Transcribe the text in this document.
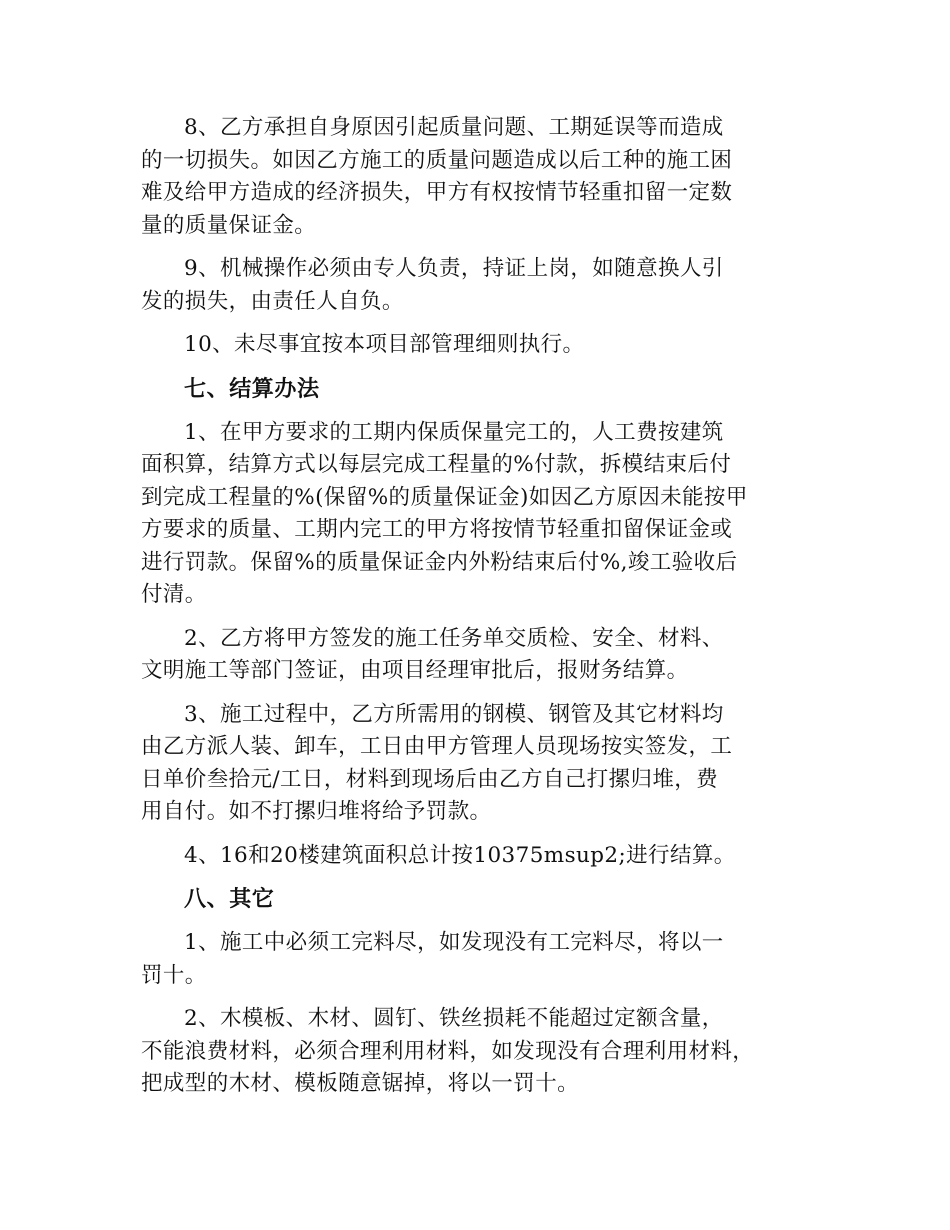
8、乙方承担自身原因引起质量问题、工期延误等而造成
的一切损失。如因乙方施工的质量问题造成以后工种的施工困
难及给甲方造成的经济损失，甲方有权按情节轻重扣留一定数
量的质量保证金。

9、机械操作必须由专人负责，持证上岗，如随意换人引
发的损失，由责任人自负。

10、未尽事宜按本项目部管理细则执行。

七、结算办法

1、在甲方要求的工期内保质保量完工的，人工费按建筑
面积算，结算方式以每层完成工程量的%付款，拆模结束后付
到完成工程量的%(保留%的质量保证金)如因乙方原因未能按甲
方要求的质量、工期内完工的甲方将按情节轻重扣留保证金或
进行罚款。保留%的质量保证金内外粉结束后付%,竣工验收后
付清。

2、乙方将甲方签发的施工任务单交质检、安全、材料、
文明施工等部门签证，由项目经理审批后，报财务结算。

3、施工过程中，乙方所需用的钢模、钢管及其它材料均
由乙方派人装、卸车，工日由甲方管理人员现场按实签发，工
日单价叁拾元/工日，材料到现场后由乙方自己打摞归堆，费
用自付。如不打摞归堆将给予罚款。

4、16和20楼建筑面积总计按10375msup2;进行结算。

八、其它

1、施工中必须工完料尽，如发现没有工完料尽，将以一
罚十。

2、木模板、木材、圆钉、铁丝损耗不能超过定额含量，
不能浪费材料，必须合理利用材料，如发现没有合理利用材料，
把成型的木材、模板随意锯掉，将以一罚十。
